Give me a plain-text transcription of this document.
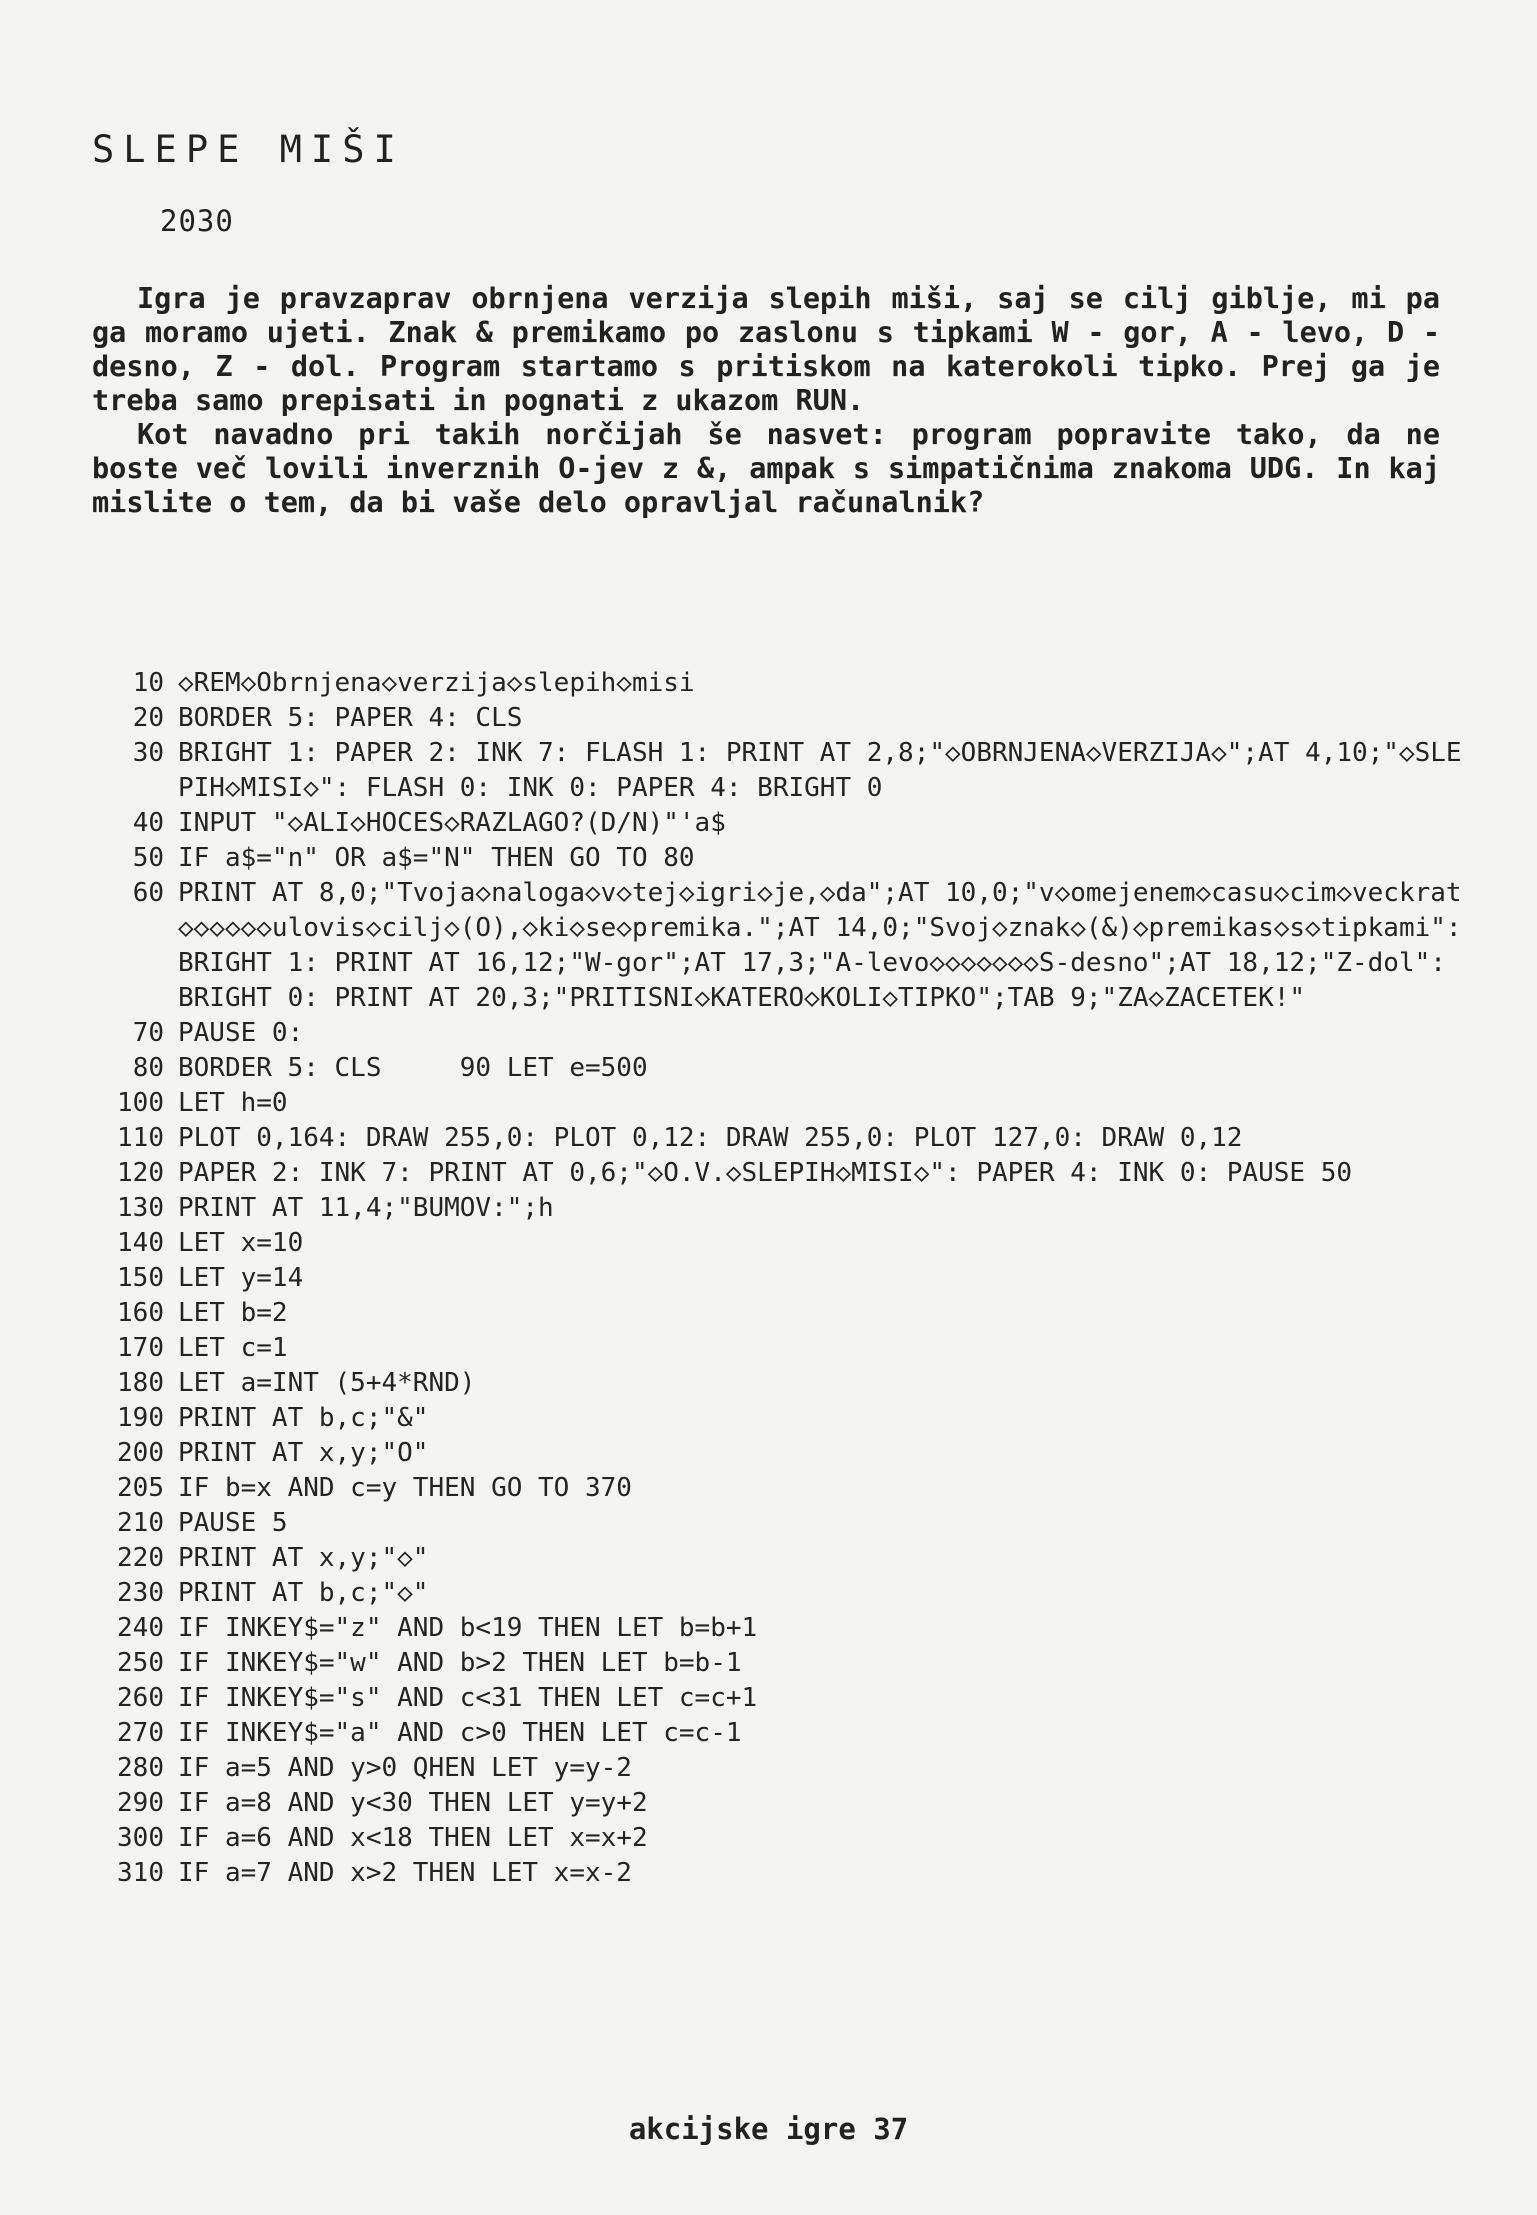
SLEPE MIŠI
2030

Igra je pravzaprav obrnjena verzija slepih miši, saj se cilj giblje, mi pa ga moramo ujeti. Znak & premikamo po zaslonu s tipkami W - gor, A - levo, D - desno, Z - dol. Program startamo s pritiskom na katerokoli tipko. Prej ga je treba samo prepisati in pognati z ukazom RUN.

Kot navadno pri takih norčijah še nasvet: program popravite tako, da ne boste več lovili inverznih O-jev z &, ampak s simpatičnima znakoma UDG. In kaj mislite o tem, da bi vaše delo opravljal računalnik?

10 ◇REM◇Obrnjena◇verzija◇slepih◇misi
20 BORDER 5: PAPER 4: CLS
30 BRIGHT 1: PAPER 2: INK 7: FLASH 1: PRINT AT 2,8;"◇OBRNJENA◇VERZIJA◇";AT 4,10;"◇SLEPIH◇MISI◇": FLASH 0: INK 0: PAPER 4: BRIGHT 0
40 INPUT "◇ALI◇HOCES◇RAZLAGO?(D/N)"'a$
50 IF a$="n" OR a$="N" THEN GO TO 80
60 PRINT AT 8,0;"Tvoja◇naloga◇v◇tej◇igri◇je,◇da";AT 10,0;"v◇omejenem◇casu◇cim◇veckrat◇◇◇◇◇◇ulovis◇cilj◇(O),◇ki◇se◇premika.";AT 14,0;"Svoj◇znak◇(&)◇premikas◇s◇tipkami": BRIGHT 1: PRINT AT 16,12;"W-gor";AT 17,3;"A-levo◇◇◇◇◇◇◇S-desno";AT 18,12;"Z-dol": BRIGHT 0: PRINT AT 20,3;"PRITISNI◇KATERO◇KOLI◇TIPKO";TAB 9;"ZA◇ZACETEK!"
70 PAUSE 0:
80 BORDER 5: CLS     90 LET e=500
100 LET h=0
110 PLOT 0,164: DRAW 255,0: PLOT 0,12: DRAW 255,0: PLOT 127,0: DRAW 0,12
120 PAPER 2: INK 7: PRINT AT 0,6;"◇O.V.◇SLEPIH◇MISI◇": PAPER 4: INK 0: PAUSE 50
130 PRINT AT 11,4;"BUMOV:";h
140 LET x=10
150 LET y=14
160 LET b=2
170 LET c=1
180 LET a=INT (5+4*RND)
190 PRINT AT b,c;"&"
200 PRINT AT x,y;"O"
205 IF b=x AND c=y THEN GO TO 370
210 PAUSE 5
220 PRINT AT x,y;"◇"
230 PRINT AT b,c;"◇"
240 IF INKEY$="z" AND b<19 THEN LET b=b+1
250 IF INKEY$="w" AND b>2 THEN LET b=b-1
260 IF INKEY$="s" AND c<31 THEN LET c=c+1
270 IF INKEY$="a" AND c>0 THEN LET c=c-1
280 IF a=5 AND y>0 QHEN LET y=y-2
290 IF a=8 AND y<30 THEN LET y=y+2
300 IF a=6 AND x<18 THEN LET x=x+2
310 IF a=7 AND x>2 THEN LET x=x-2
akcijske igre 37
